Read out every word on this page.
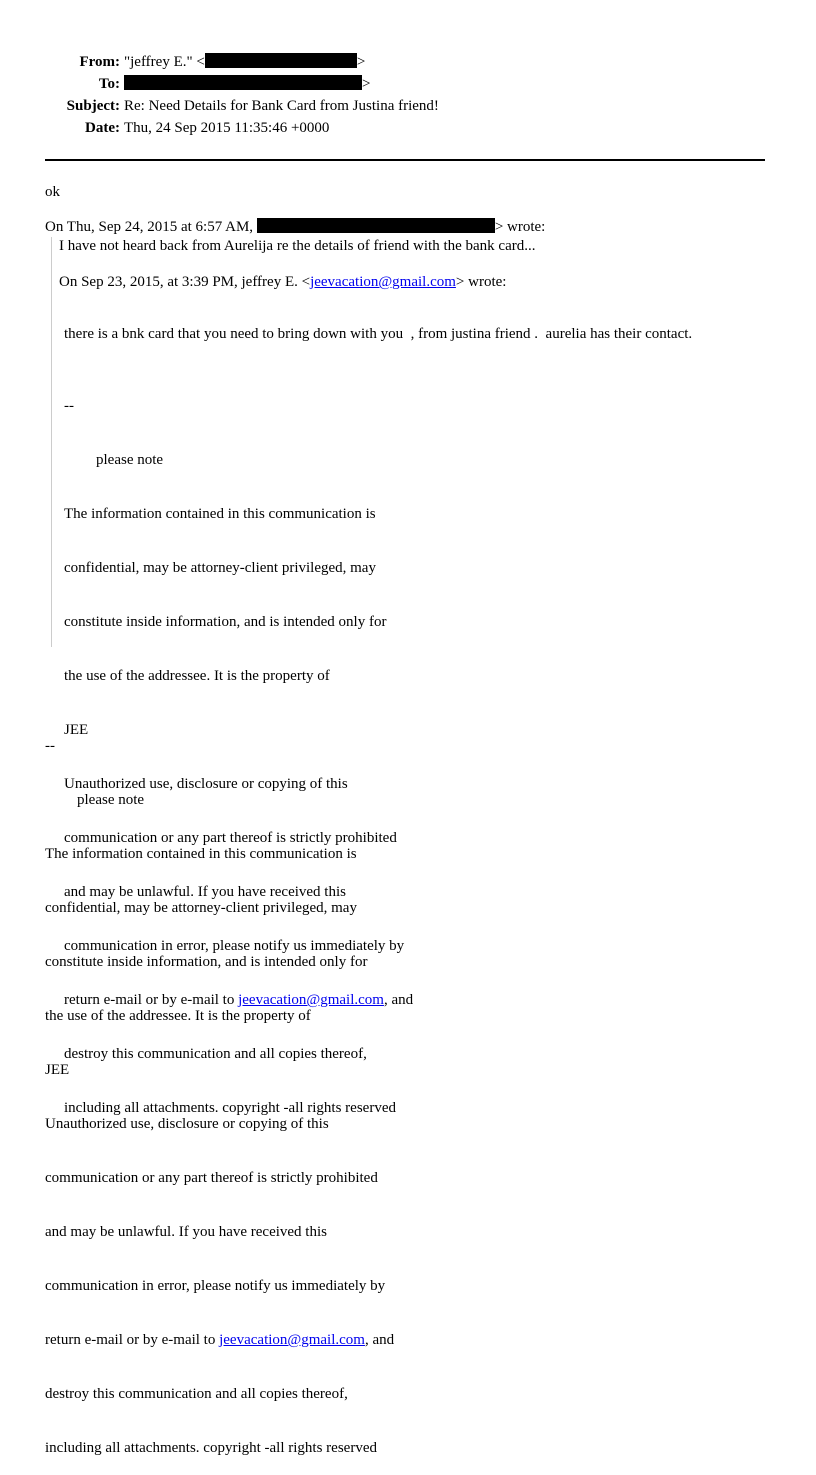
From: "jeffrey E." <	>
To:	>
Subject: Re: Need Details for Bank Card from Justina friend!
Date: Thu, 24 Sep 2015 11:35:46 +0000
ok
On Thu, Sep 24, 2015 at 6:57 AM,	> wrote:
I have not heard back from Aurelija re the details of friend with the bank card...
On Sep 23, 2015, at 3:39 PM, jeffrey E. <jeevacation@gmail.com> wrote:
there is a bnk card that you need to bring down with you  , from justina friend .  aurelia has their contact.

--

please note

The information contained in this communication is

confidential, may be attorney-client privileged, may

constitute inside information, and is intended only for

the use of the addressee. It is the property of

JEE

Unauthorized use, disclosure or copying of this

communication or any part thereof is strictly prohibited

and may be unlawful. If you have received this

communication in error, please notify us immediately by

return e-mail or by e-mail to jeevacation@gmail.com, and

destroy this communication and all copies thereof,

including all attachments. copyright -all rights reserved

--

please note

The information contained in this communication is

confidential, may be attorney-client privileged, may

constitute inside information, and is intended only for

the use of the addressee. It is the property of

JEE

Unauthorized use, disclosure or copying of this

communication or any part thereof is strictly prohibited

and may be unlawful. If you have received this

communication in error, please notify us immediately by

return e-mail or by e-mail to jeevacation@gmail.com, and

destroy this communication and all copies thereof,

including all attachments. copyright -all rights reserved
